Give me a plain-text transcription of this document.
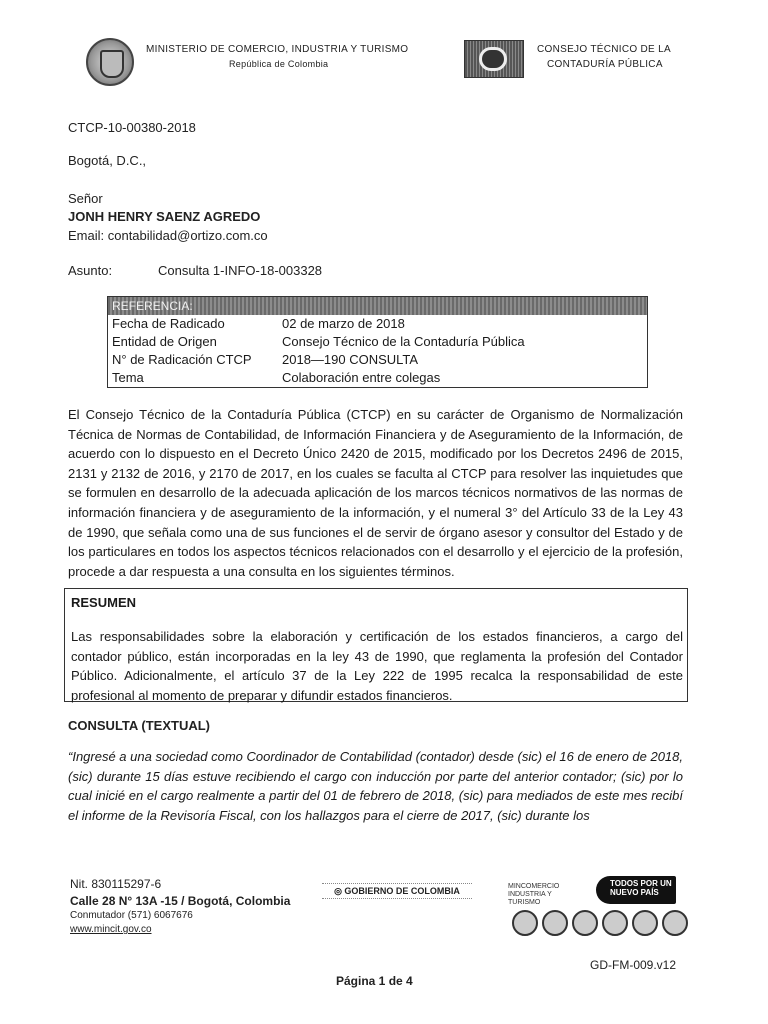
MINISTERIO DE COMERCIO, INDUSTRIA Y TURISMO
República de Colombia
CONSEJO TÉCNICO DE LA
CONTADURÍA PÚBLICA
CTCP-10-00380-2018
Bogotá, D.C.,
Señor
JONH HENRY SAENZ AGREDO
Email: contabilidad@ortizo.com.co
Asunto:	Consulta 1-INFO-18-003328
REFERENCIA:
Fecha de Radicado	02 de marzo de 2018
Entidad de Origen	Consejo Técnico de la Contaduría Pública
N° de Radicación CTCP	2018—190 CONSULTA
Tema	Colaboración entre colegas
El Consejo Técnico de la Contaduría Pública (CTCP) en su carácter de Organismo de Normalización Técnica de Normas de Contabilidad, de Información Financiera y de Aseguramiento de la Información, de acuerdo con lo dispuesto en el Decreto Único 2420 de 2015, modificado por los Decretos 2496 de 2015, 2131 y 2132 de 2016, y 2170 de 2017, en los cuales se faculta al CTCP para resolver las inquietudes que se formulen en desarrollo de la adecuada aplicación de los marcos técnicos normativos de las normas de información financiera y de aseguramiento de la información, y el numeral 3° del Artículo 33 de la Ley 43 de 1990, que señala como una de sus funciones el de servir de órgano asesor y consultor del Estado y de los particulares en todos los aspectos técnicos relacionados con el desarrollo y el ejercicio de la profesión, procede a dar respuesta a una consulta en los siguientes términos.
RESUMEN
Las responsabilidades sobre la elaboración y certificación de los estados financieros, a cargo del contador público, están incorporadas en la ley 43 de 1990, que reglamenta la profesión del Contador Público. Adicionalmente, el artículo 37 de la Ley 222 de 1995 recalca la responsabilidad de este profesional al momento de preparar y difundir estados financieros.
CONSULTA (TEXTUAL)
“Ingresé a una sociedad como Coordinador de Contabilidad (contador) desde (sic) el 16 de enero de 2018, (sic) durante 15 días estuve recibiendo el cargo con inducción por parte del anterior contador; (sic) por lo cual inicié en el cargo realmente a partir del 01 de febrero de 2018, (sic) para mediados de este mes recibí el informe de la Revisoría Fiscal, con los hallazgos para el cierre de 2017, (sic) durante los
Nit. 830115297-6
Calle 28 N° 13A -15 / Bogotá, Colombia
Conmutador (571) 6067676
www.mincit.gov.co
◎ GOBIERNO DE COLOMBIA	MINCOMERCIO
INDUSTRIA Y TURISMO
TODOS POR UN
NUEVO PAÍS
GD-FM-009.v12
Página 1 de 4
